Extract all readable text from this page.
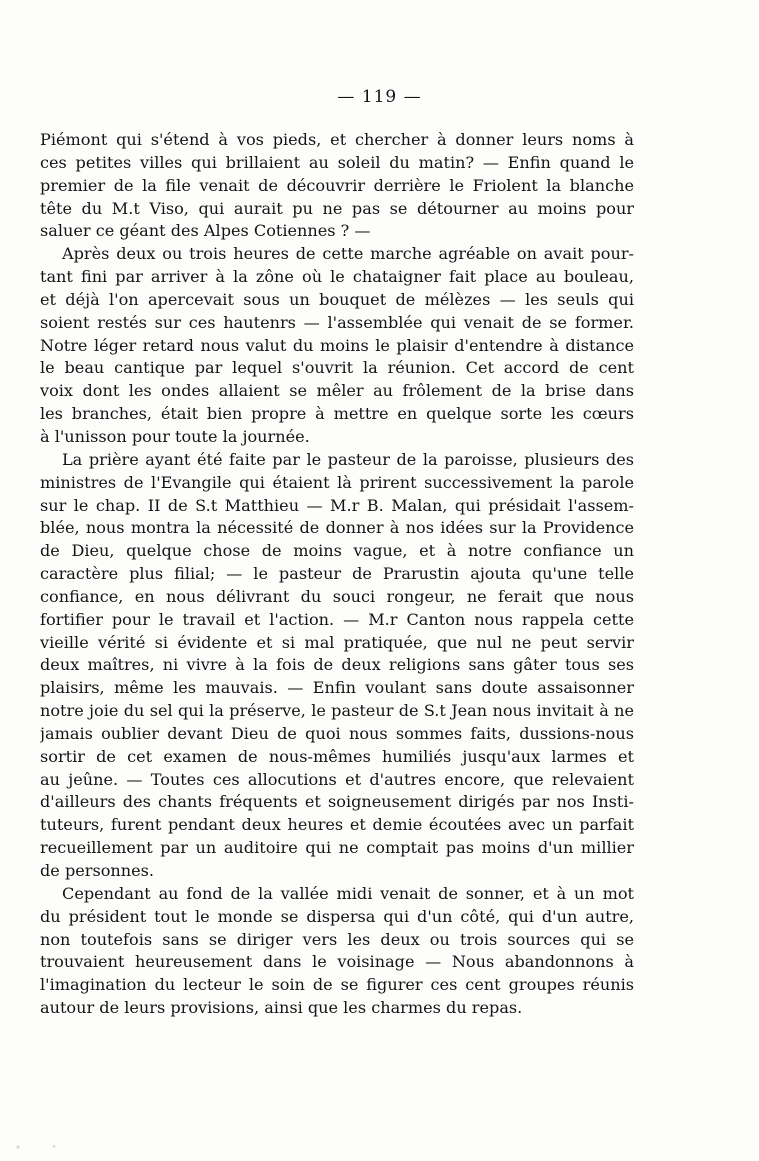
— 119 —
Piémont qui s'étend à vos pieds, et chercher à donner leurs noms à
ces petites villes qui brillaient au soleil du matin? — Enfin quand le
premier de la file venait de découvrir derrière le Friolent la blanche
tête du M.t Viso, qui aurait pu ne pas se détourner au moins pour
saluer ce géant des Alpes Cotiennes ? —
Après deux ou trois heures de cette marche agréable on avait pour-
tant fini par arriver à la zône où le chataigner fait place au bouleau,
et déjà l'on apercevait sous un bouquet de mélèzes — les seuls qui
soient restés sur ces hautenrs — l'assemblée qui venait de se former.
Notre léger retard nous valut du moins le plaisir d'entendre à distance
le beau cantique par lequel s'ouvrit la réunion. Cet accord de cent
voix dont les ondes allaient se mêler au frôlement de la brise dans
les branches, était bien propre à mettre en quelque sorte les cœurs
à l'unisson pour toute la journée.
La prière ayant été faite par le pasteur de la paroisse, plusieurs des
ministres de l'Evangile qui étaient là prirent successivement la parole
sur le chap. II de S.t Matthieu — M.r B. Malan, qui présidait l'assem-
blée, nous montra la nécessité de donner à nos idées sur la Providence
de Dieu, quelque chose de moins vague, et à notre confiance un
caractère plus filial; — le pasteur de Prarustin ajouta qu'une telle
confiance, en nous délivrant du souci rongeur, ne ferait que nous
fortifier pour le travail et l'action. — M.r Canton nous rappela cette
vieille vérité si évidente et si mal pratiquée, que nul ne peut servir
deux maîtres, ni vivre à la fois de deux religions sans gâter tous ses
plaisirs, même les mauvais. — Enfin voulant sans doute assaisonner
notre joie du sel qui la préserve, le pasteur de S.t Jean nous invitait à ne
jamais oublier devant Dieu de quoi nous sommes faits, dussions-nous
sortir de cet examen de nous-mêmes humiliés jusqu'aux larmes et
au jeûne. — Toutes ces allocutions et d'autres encore, que relevaient
d'ailleurs des chants fréquents et soigneusement dirigés par nos Insti-
tuteurs, furent pendant deux heures et demie écoutées avec un parfait
recueillement par un auditoire qui ne comptait pas moins d'un millier
de personnes.
Cependant au fond de la vallée midi venait de sonner, et à un mot
du président tout le monde se dispersa qui d'un côté, qui d'un autre,
non toutefois sans se diriger vers les deux ou trois sources qui se
trouvaient heureusement dans le voisinage — Nous abandonnons à
l'imagination du lecteur le soin de se figurer ces cent groupes réunis
autour de leurs provisions, ainsi que les charmes du repas.
